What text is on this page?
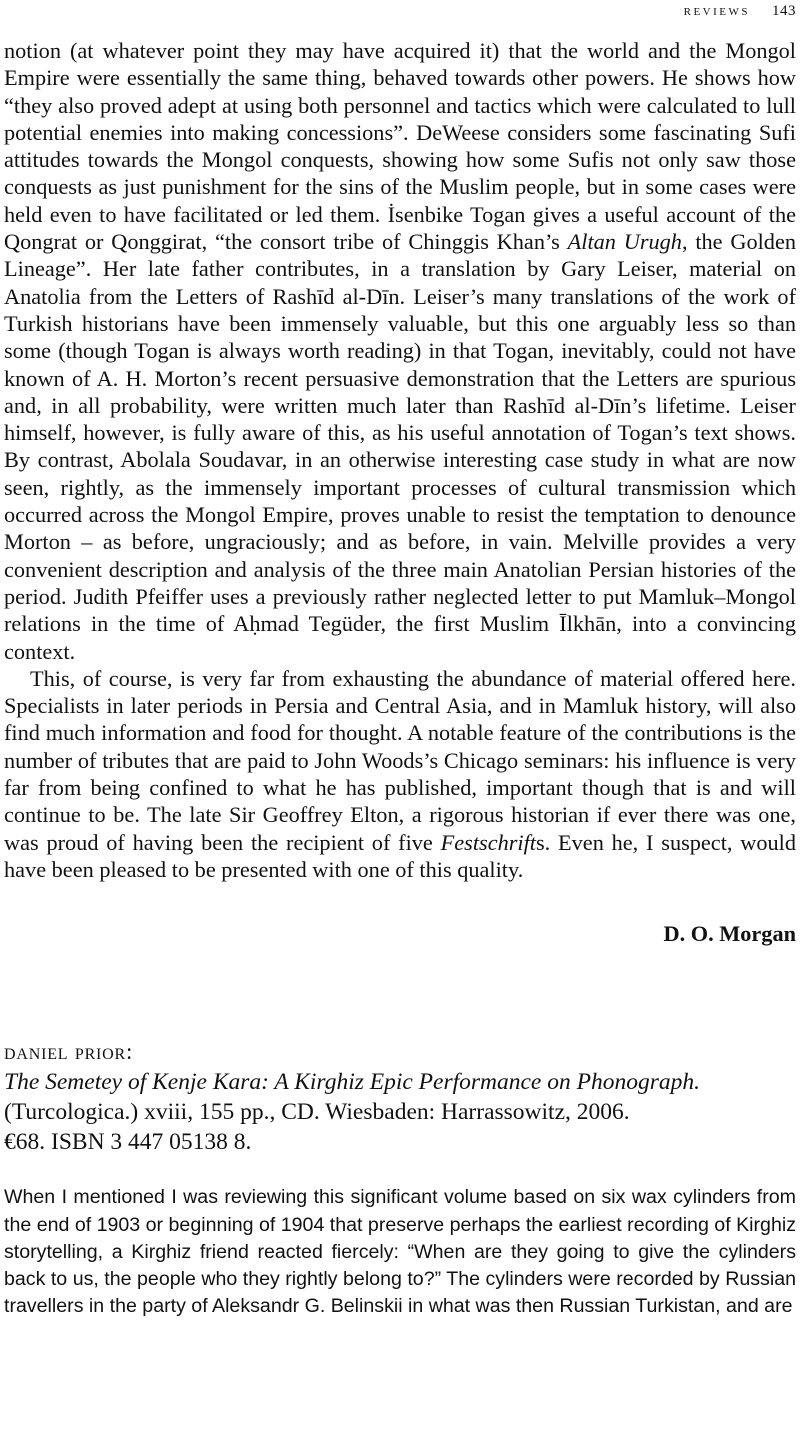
reviews 143

notion (at whatever point they may have acquired it) that the world and the Mongol Empire were essentially the same thing, behaved towards other powers. He shows how “they also proved adept at using both personnel and tactics which were calculated to lull potential enemies into making concessions”. DeWeese considers some fascinating Sufi attitudes towards the Mongol conquests, showing how some Sufis not only saw those conquests as just punishment for the sins of the Muslim people, but in some cases were held even to have facilitated or led them. İsenbike Togan gives a useful account of the Qongrat or Qonggirat, “the consort tribe of Chinggis Khan’s Altan Urugh, the Golden Lineage”. Her late father contributes, in a translation by Gary Leiser, material on Anatolia from the Letters of Rashīd al-Dīn. Leiser’s many translations of the work of Turkish historians have been immensely valuable, but this one arguably less so than some (though Togan is always worth reading) in that Togan, inevitably, could not have known of A. H. Morton’s recent persuasive demonstration that the Letters are spurious and, in all probability, were written much later than Rashīd al-Dīn’s lifetime. Leiser himself, however, is fully aware of this, as his useful annotation of Togan’s text shows. By contrast, Abolala Soudavar, in an otherwise interesting case study in what are now seen, rightly, as the immensely important processes of cultural transmission which occurred across the Mongol Empire, proves unable to resist the temptation to denounce Morton – as before, ungraciously; and as before, in vain. Melville provides a very convenient description and analysis of the three main Anatolian Persian histories of the period. Judith Pfeiffer uses a previously rather neglected letter to put Mamluk–Mongol relations in the time of Aḥmad Tegüder, the first Muslim Īlkhān, into a convincing context.

This, of course, is very far from exhausting the abundance of material offered here. Specialists in later periods in Persia and Central Asia, and in Mamluk history, will also find much information and food for thought. A notable feature of the contributions is the number of tributes that are paid to John Woods’s Chicago seminars: his influence is very far from being confined to what he has published, important though that is and will continue to be. The late Sir Geoffrey Elton, a rigorous historian if ever there was one, was proud of having been the recipient of five Festschrifts. Even he, I suspect, would have been pleased to be presented with one of this quality.

D. O. Morgan
daniel prior:
The Semetey of Kenje Kara: A Kirghiz Epic Performance on Phonograph.
(Turcologica.) xviii, 155 pp., CD. Wiesbaden: Harrassowitz, 2006.
€68. ISBN 3 447 05138 8.

When I mentioned I was reviewing this significant volume based on six wax cylinders from the end of 1903 or beginning of 1904 that preserve perhaps the earliest recording of Kirghiz storytelling, a Kirghiz friend reacted fiercely: “When are they going to give the cylinders back to us, the people who they rightly belong to?” The cylinders were recorded by Russian travellers in the party of Aleksandr G. Belinskii in what was then Russian Turkistan, and are
